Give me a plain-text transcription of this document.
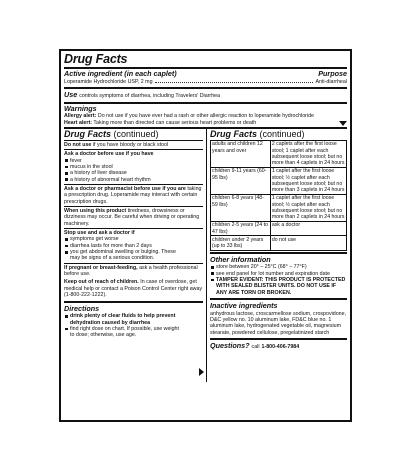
Drug Facts
Active ingredient (in each caplet)	Purpose
Loperamide Hydrochloride USP, 2 mg	Anti-diarrheal
Use controls symptoms of diarrhea, including Travelers' Diarrhea
Warnings
Allergy alert: Do not use if you have ever had a rash or other allergic reaction to loperamide hydrochloride
Heart alert: Taking more than directed can cause serious heart problems or death
Drug Facts (continued)
Do not use if you have bloody or black stool
Ask a doctor before use if you have
fever
mucus in the stool
a history of liver disease
a history of abnormal heart rhythm
Ask a doctor or pharmacist before use if you are taking a prescription drug. Loperamide may interact with certain prescription drugs.
When using this product tiredness, drowsiness or dizziness may occur. Be careful when driving or operating machinery.
Stop use and ask a doctor if
symptoms get worse
diarrhea lasts for more than 2 days
you get abdominal swelling or bulging. These
may be signs of a serious condition.
If pregnant or breast-feeding, ask a health professional before use.
Keep out of reach of children. In case of overdose, get medical help or contact a Poison Control Center right away (1-800-222-1222).
Directions
drink plenty of clear fluids to help prevent dehydration caused by diarrhea
find right dose on chart. If possible, use weight
to dose; otherwise, use age.
Drug Facts (continued)
adults and children 12 years and over	2 caplets after the first loose stool; 1 caplet after each subsequent loose stool; but no more than 4 caplets in 24 hours
children 9-11 years (60-95 lbs)	1 caplet after the first loose stool; ½ caplet after each subsequent loose stool; but no more than 3 caplets in 24 hours
children 6-8 years (48-59 lbs)	1 caplet after the first loose stool; ½ caplet after each subsequent loose stool; but no more than 2 caplets in 24 hours
children 2-5 years (24 to 47 lbs)	ask a doctor
children under 2 years (up to 33 lbs)	do not use
Other information
store between 20° – 25°C (68° – 77°F)
see end panel for lot number and expiration date
TAMPER EVIDENT: THIS PRODUCT IS PROTECTED WITH SEALED BLISTER UNITS. DO NOT USE IF ANY ARE TORN OR BROKEN.
Inactive ingredients
anhydrous lactose, croscarmellose sodium, crospovidone, D&C yellow no. 10 aluminum lake, FD&C blue no. 1 aluminum lake, hydrogenated vegetable oil, magnesium stearate, powdered cellulose, pregelatinized starch
Questions? call 1-800-406-7984
